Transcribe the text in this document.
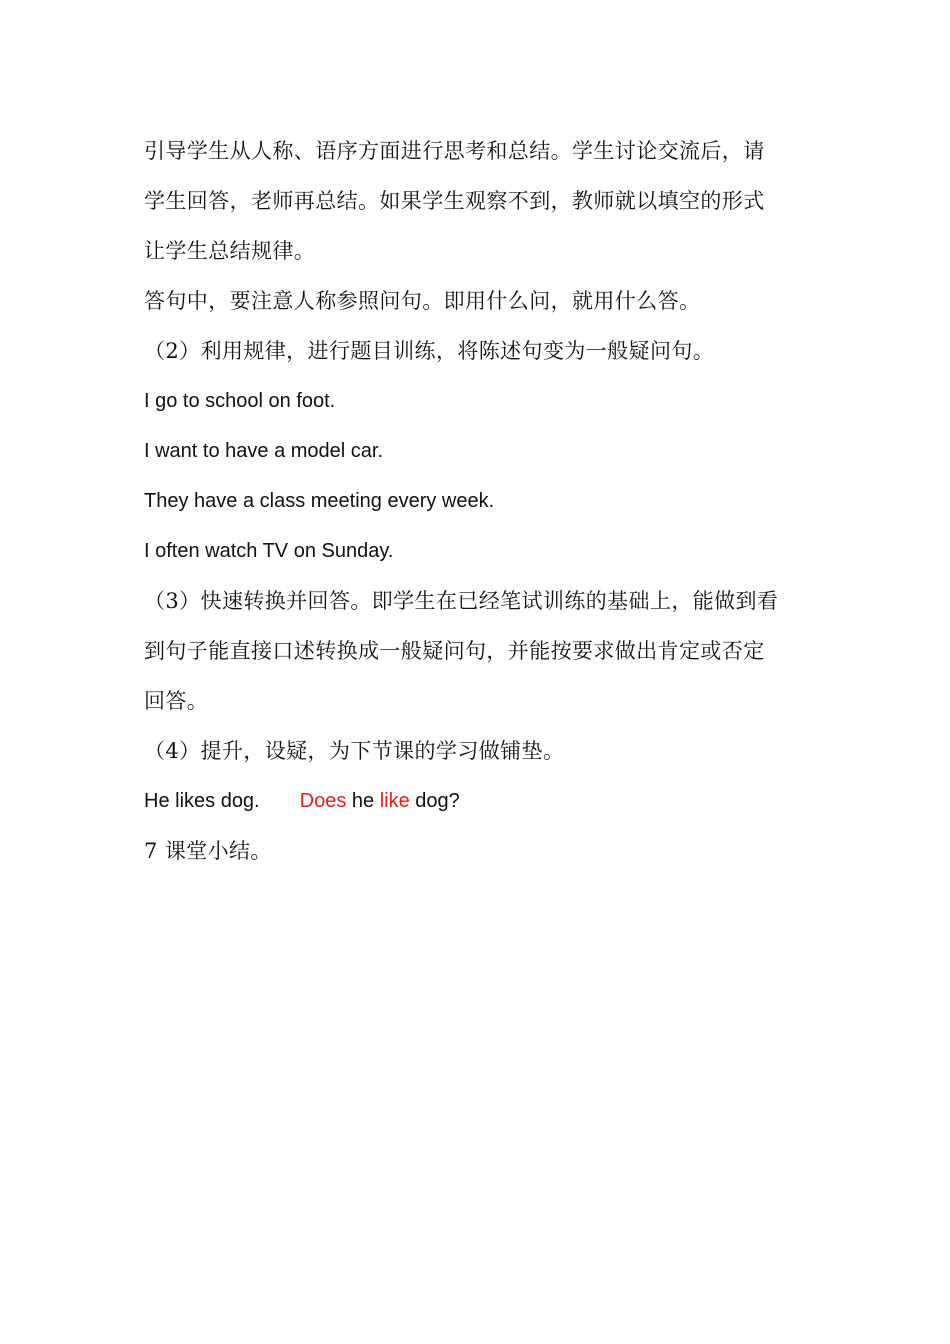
引导学生从人称、语序方面进行思考和总结。学生讨论交流后，请
学生回答，老师再总结。如果学生观察不到，教师就以填空的形式
让学生总结规律。
答句中，要注意人称参照问句。即用什么问，就用什么答。
（2）利用规律，进行题目训练，将陈述句变为一般疑问句。
I go to school on foot.
I want to have a model car.
They have a class meeting every week.
I often watch TV on Sunday.
（3）快速转换并回答。即学生在已经笔试训练的基础上，能做到看
到句子能直接口述转换成一般疑问句，并能按要求做出肯定或否定
回答。
（4）提升，设疑，为下节课的学习做铺垫。
He likes dog. Does he like dog?
7 课堂小结。
